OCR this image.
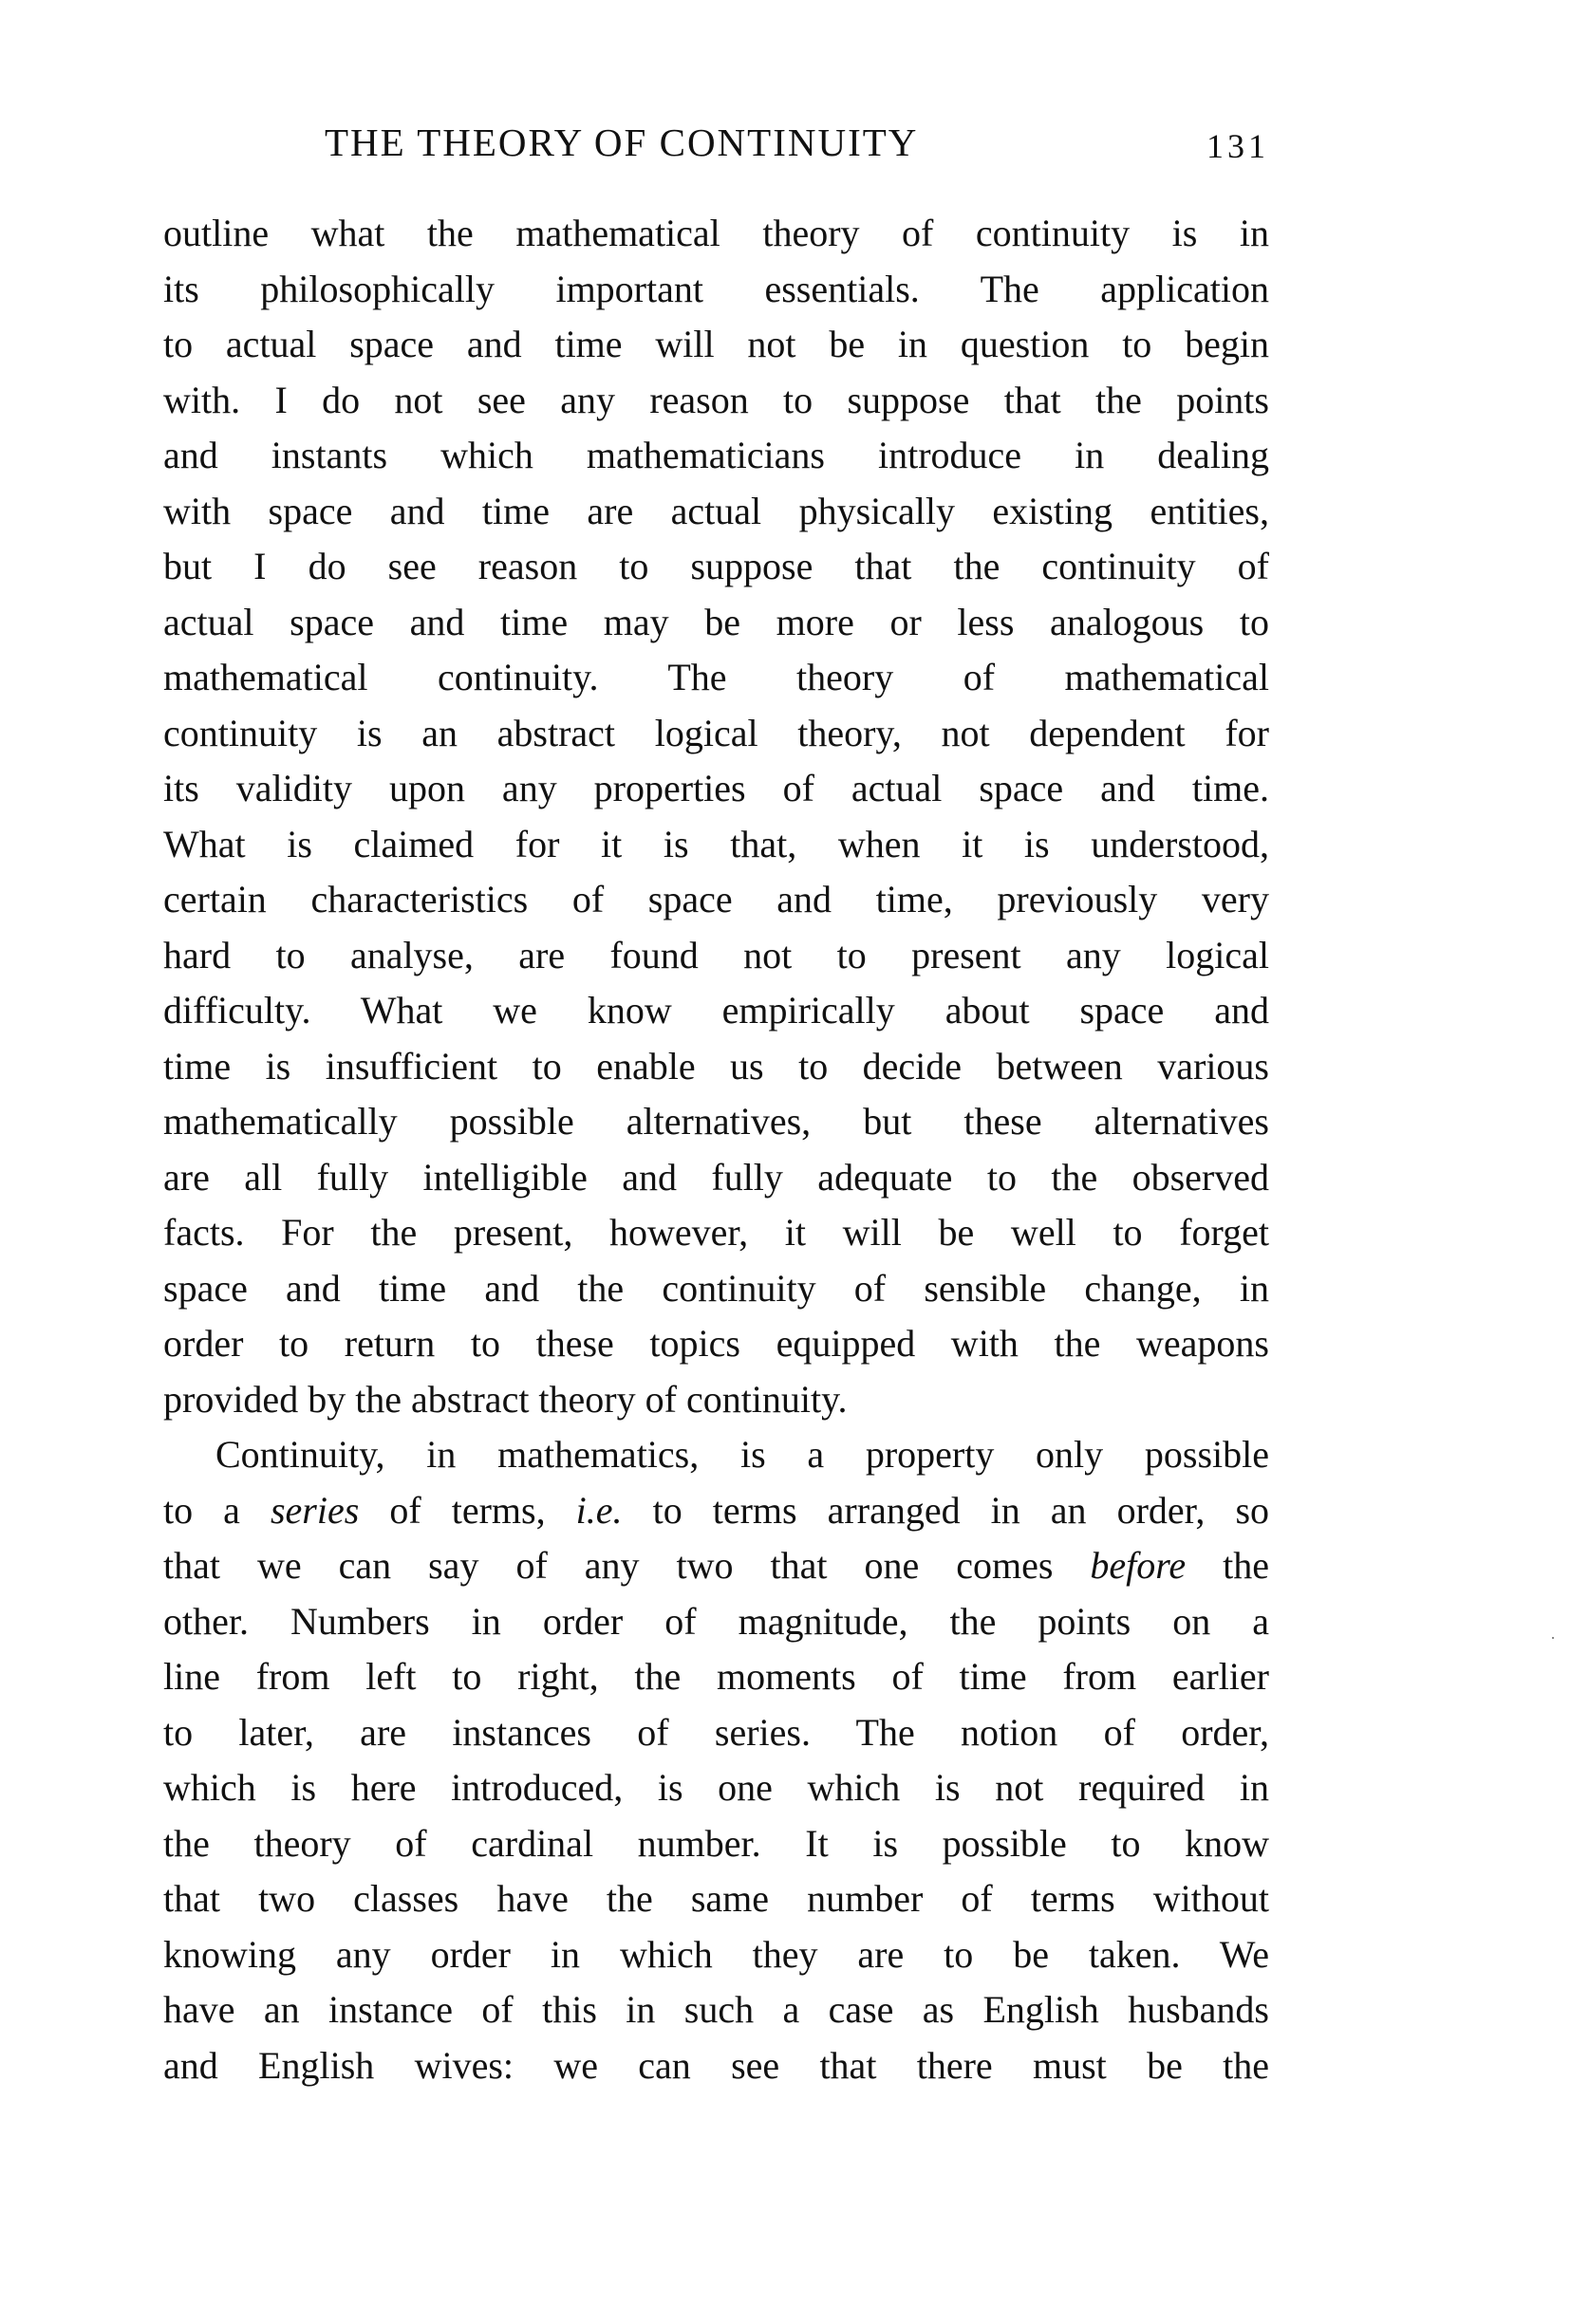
THE THEORY OF CONTINUITY	131
outline what the mathematical theory of continuity is in
its philosophically important essentials. The application
to actual space and time will not be in question to begin
with. I do not see any reason to suppose that the points
and instants which mathematicians introduce in dealing
with space and time are actual physically existing entities,
but I do see reason to suppose that the continuity of
actual space and time may be more or less analogous to
mathematical continuity. The theory of mathematical
continuity is an abstract logical theory, not dependent for
its validity upon any properties of actual space and time.
What is claimed for it is that, when it is understood,
certain characteristics of space and time, previously very
hard to analyse, are found not to present any logical
difficulty. What we know empirically about space and
time is insufficient to enable us to decide between various
mathematically possible alternatives, but these alternatives
are all fully intelligible and fully adequate to the observed
facts. For the present, however, it will be well to forget
space and time and the continuity of sensible change, in
order to return to these topics equipped with the weapons
provided by the abstract theory of continuity.
Continuity, in mathematics, is a property only possible
to a series of terms, i.e. to terms arranged in an order, so
that we can say of any two that one comes before the
other. Numbers in order of magnitude, the points on a
line from left to right, the moments of time from earlier
to later, are instances of series. The notion of order,
which is here introduced, is one which is not required in
the theory of cardinal number. It is possible to know
that two classes have the same number of terms without
knowing any order in which they are to be taken. We
have an instance of this in such a case as English husbands
and English wives: we can see that there must be the
